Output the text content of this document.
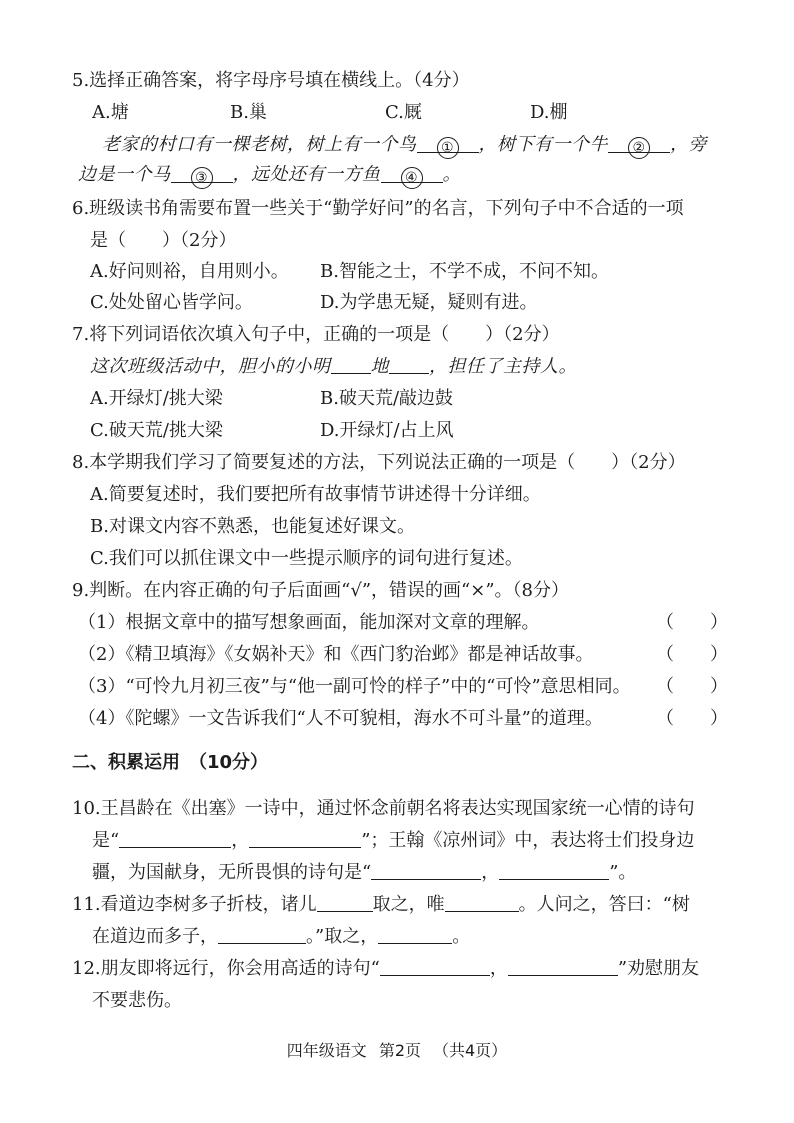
5.选择正确答案，将字母序号填在横线上。（4分）
A.塘	B.巢	C.厩	D.棚
老家的村口有一棵老树，树上有一个鸟 ① ，树下有一个牛 ② ，旁
边是一个马 ③ ，远处还有一方鱼 ④ 。
6.班级读书角需要布置一些关于“勤学好问”的名言，下列句子中不合适的一项
是（　　）（2分）
A.好问则裕，自用则小。 B.智能之士，不学不成，不问不知。
C.处处留心皆学问。	D.为学患无疑，疑则有进。
7.将下列词语依次填入句子中，正确的一项是（　　）（2分）
这次班级活动中，胆小的小明 地 ，担任了主持人。
A.开绿灯/挑大梁	B.破天荒/敲边鼓
C.破天荒/挑大梁	D.开绿灯/占上风
8.本学期我们学习了简要复述的方法，下列说法正确的一项是（　　）（2分）
A.简要复述时，我们要把所有故事情节讲述得十分详细。
B.对课文内容不熟悉，也能复述好课文。
C.我们可以抓住课文中一些提示顺序的词句进行复述。
9.判断。在内容正确的句子后面画“√”，错误的画“×”。（8分）
（1）根据文章中的描写想象画面，能加深对文章的理解。	（　　）
（2）《精卫填海》《女娲补天》和《西门豹治邺》都是神话故事。	（　　）
（3）“可怜九月初三夜”与“他一副可怜的样子”中的“可怜”意思相同。 （　　）
（4）《陀螺》一文告诉我们“人不可貌相，海水不可斗量”的道理。	（　　）
二、积累运用　（10分）
10.王昌龄在《出塞》一诗中，通过怀念前朝名将表达实现国家统一心情的诗句
是“	，	”；王翰《凉州词》中，表达将士们投身边
疆，为国献身，无所畏惧的诗句是“	，	”。
11.看道边李树多子折枝，诸儿	取之，唯	。人问之，答曰：“树
在道边而多子，	。”取之，	。
12.朋友即将远行，你会用高适的诗句“	，	”劝慰朋友
不要悲伤。
四年级语文 第2页 （共4页）
